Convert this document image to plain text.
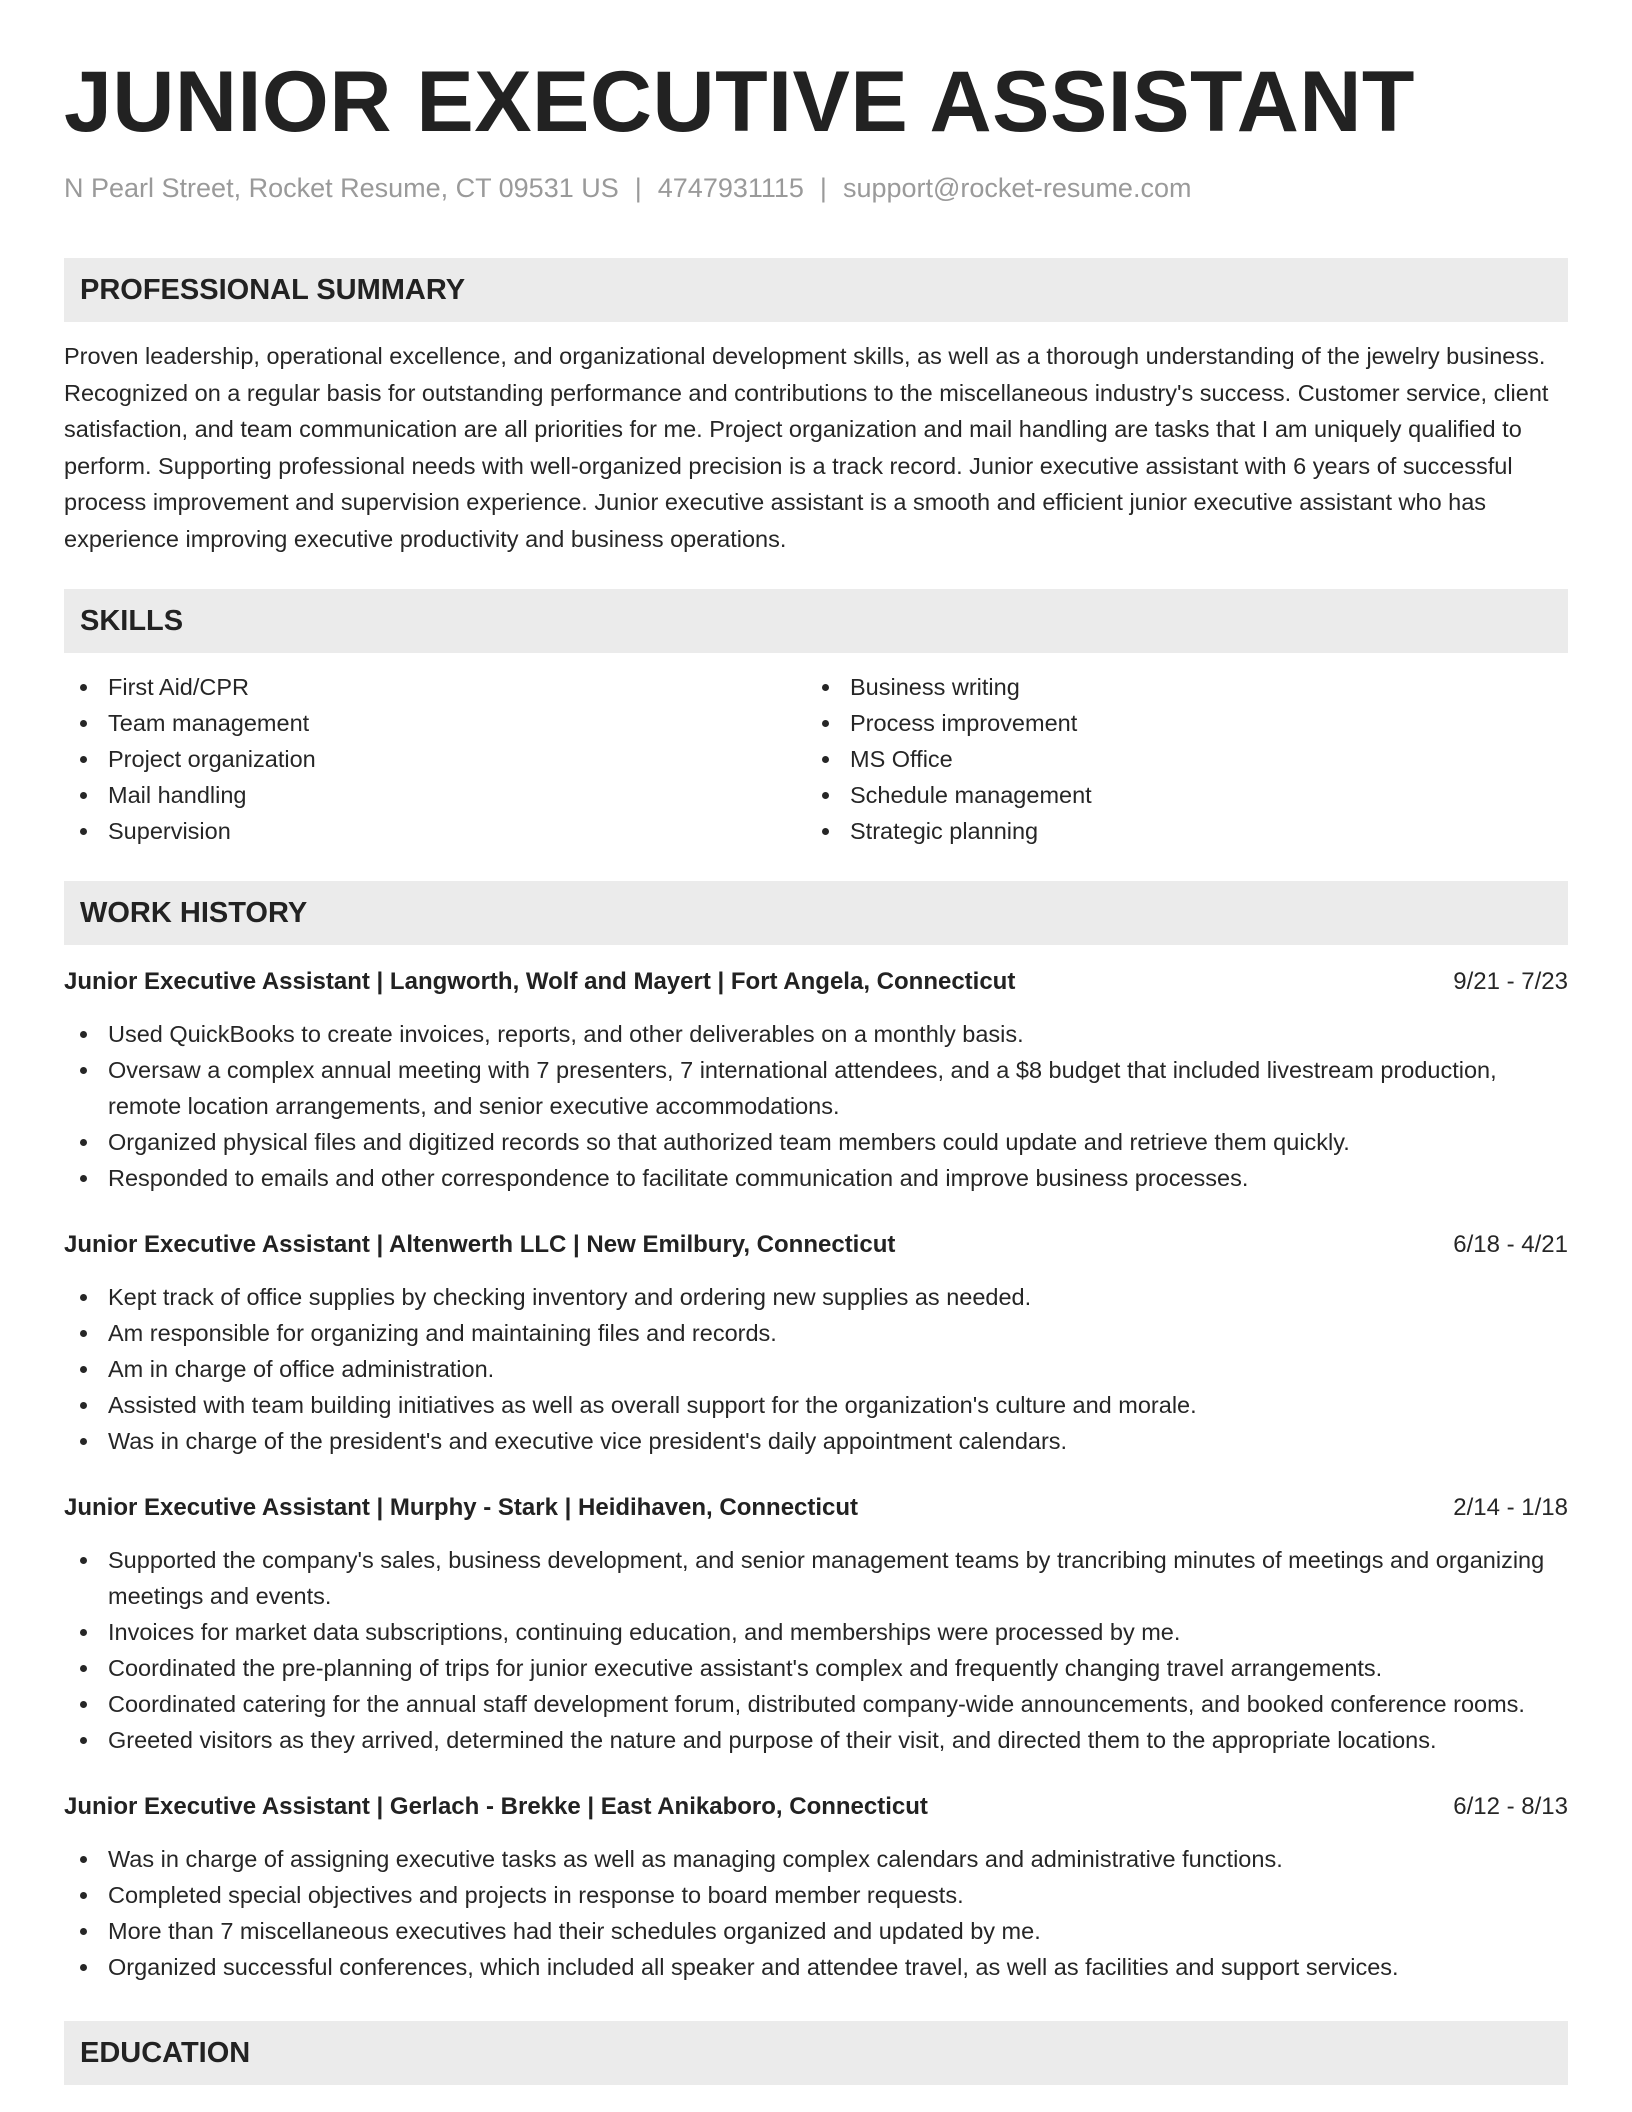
JUNIOR EXECUTIVE ASSISTANT
N Pearl Street, Rocket Resume, CT 09531 US | 4747931115 | support@rocket-resume.com
PROFESSIONAL SUMMARY

Proven leadership, operational excellence, and organizational development skills, as well as a thorough understanding of the jewelry business. Recognized on a regular basis for outstanding performance and contributions to the miscellaneous industry's success. Customer service, client satisfaction, and team communication are all priorities for me. Project organization and mail handling are tasks that I am uniquely qualified to perform. Supporting professional needs with well-organized precision is a track record. Junior executive assistant with 6 years of successful process improvement and supervision experience. Junior executive assistant is a smooth and efficient junior executive assistant who has experience improving executive productivity and business operations.

SKILLS
First Aid/CPR
Team management
Project organization
Mail handling
Supervision
Business writing
Process improvement
MS Office
Schedule management
Strategic planning
WORK HISTORY
Junior Executive Assistant | Langworth, Wolf and Mayert | Fort Angela, Connecticut	9/21 - 7/23
Used QuickBooks to create invoices, reports, and other deliverables on a monthly basis.
Oversaw a complex annual meeting with 7 presenters, 7 international attendees, and a $8 budget that included livestream production, remote location arrangements, and senior executive accommodations.
Organized physical files and digitized records so that authorized team members could update and retrieve them quickly.
Responded to emails and other correspondence to facilitate communication and improve business processes.
Junior Executive Assistant | Altenwerth LLC | New Emilbury, Connecticut	6/18 - 4/21
Kept track of office supplies by checking inventory and ordering new supplies as needed.
Am responsible for organizing and maintaining files and records.
Am in charge of office administration.
Assisted with team building initiatives as well as overall support for the organization's culture and morale.
Was in charge of the president's and executive vice president's daily appointment calendars.
Junior Executive Assistant | Murphy - Stark | Heidihaven, Connecticut	2/14 - 1/18
Supported the company's sales, business development, and senior management teams by trancribing minutes of meetings and organizing meetings and events.
Invoices for market data subscriptions, continuing education, and memberships were processed by me.
Coordinated the pre-planning of trips for junior executive assistant's complex and frequently changing travel arrangements.
Coordinated catering for the annual staff development forum, distributed company-wide announcements, and booked conference rooms.
Greeted visitors as they arrived, determined the nature and purpose of their visit, and directed them to the appropriate locations.
Junior Executive Assistant | Gerlach - Brekke | East Anikaboro, Connecticut	6/12 - 8/13
Was in charge of assigning executive tasks as well as managing complex calendars and administrative functions.
Completed special objectives and projects in response to board member requests.
More than 7 miscellaneous executives had their schedules organized and updated by me.
Organized successful conferences, which included all speaker and attendee travel, as well as facilities and support services.
EDUCATION
